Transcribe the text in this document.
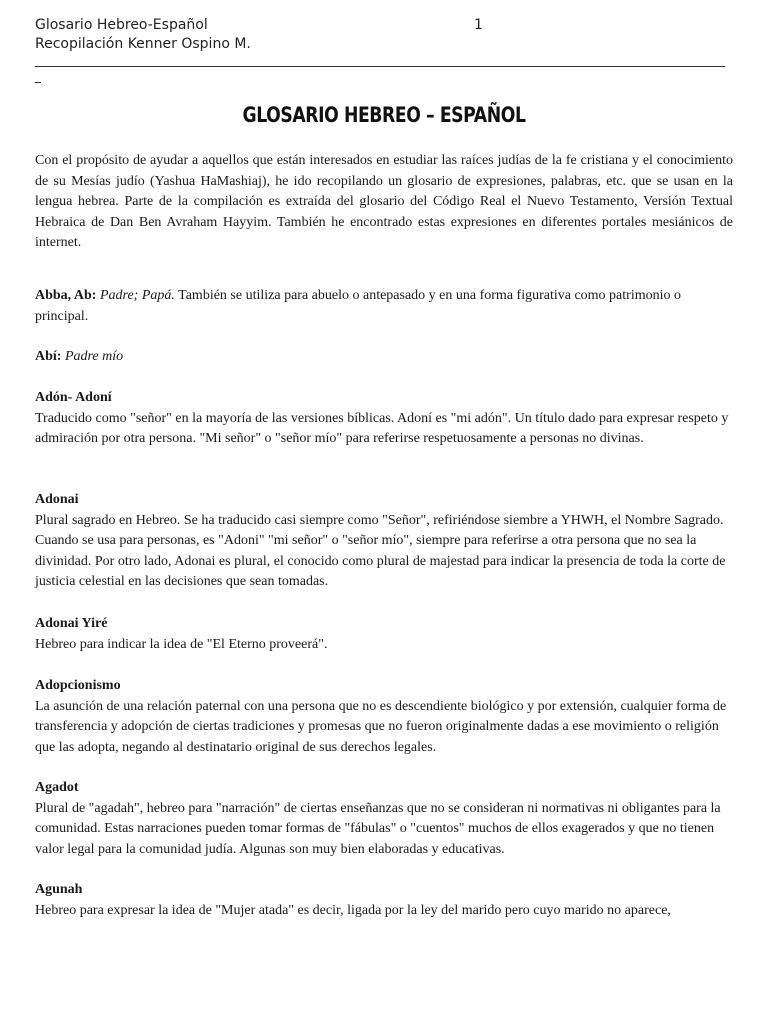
Glosario Hebreo-Español	1
Recopilación Kenner Ospino M.
GLOSARIO HEBREO – ESPAÑOL
Con el propósito de ayudar a aquellos que están interesados en estudiar las raíces judías de la fe cristiana y el conocimiento de su Mesías judío (Yashua HaMashiaj), he ido recopilando un glosario de expresiones, palabras, etc. que se usan en la lengua hebrea. Parte de la compilación es extraída del glosario del Código Real el Nuevo Testamento, Versión Textual Hebraica de Dan Ben Avraham Hayyim. También he encontrado estas expresiones en diferentes portales mesiánicos de internet.
Abba, Ab: Padre; Papá. También se utiliza para abuelo o antepasado y en una forma figurativa como patrimonio o principal.
Abí: Padre mío
Adón- Adoní
Traducido como "señor" en la mayoría de las versiones bíblicas. Adoní es "mi adón". Un título dado para expresar respeto y admiración por otra persona. "Mi señor" o "señor mío" para referirse respetuosamente a personas no divinas.
Adonai
Plural sagrado en Hebreo. Se ha traducido casi siempre como "Señor", refiriéndose siembre a YHWH, el Nombre Sagrado. Cuando se usa para personas, es "Adoni" "mi señor" o "señor mío", siempre para referirse a otra persona que no sea la divinidad. Por otro lado, Adonai es plural, el conocido como plural de majestad para indicar la presencia de toda la corte de justicia celestial en las decisiones que sean tomadas.
Adonai Yiré
Hebreo para indicar la idea de "El Eterno proveerá".
Adopcionismo
La asunción de una relación paternal con una persona que no es descendiente biológico y por extensión, cualquier forma de transferencia y adopción de ciertas tradiciones y promesas que no fueron originalmente dadas a ese movimiento o religión que las adopta, negando al destinatario original de sus derechos legales.
Agadot
Plural de "agadah", hebreo para "narración" de ciertas enseñanzas que no se consideran ni normativas ni obligantes para la comunidad. Estas narraciones pueden tomar formas de "fábulas" o "cuentos" muchos de ellos exagerados y que no tienen valor legal para la comunidad judía. Algunas son muy bien elaboradas y educativas.
Agunah
Hebreo para expresar la idea de "Mujer atada" es decir, ligada por la ley del marido pero cuyo marido no aparece,
